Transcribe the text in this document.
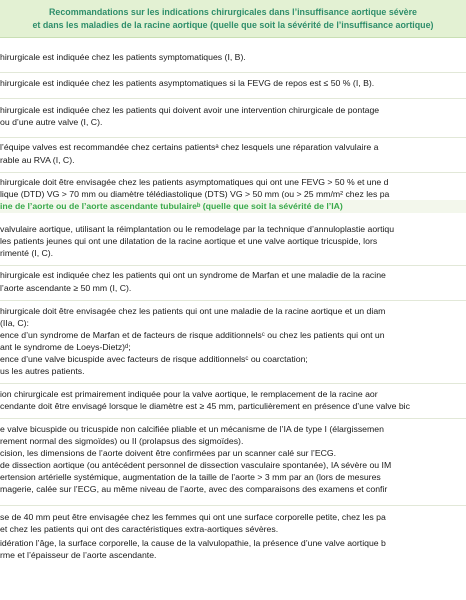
Recommandations sur les indications chirurgicales dans l’insuffisance aortique sévère
et dans les maladies de la racine aortique (quelle que soit la sévérité de l’insuffisance aortique)
hirurgicale est indiquée chez les patients symptomatiques (I, B).
hirurgicale est indiquée chez les patients asymptomatiques si la FEVG de repos est ≤ 50 % (I, B).
hirurgicale est indiquée chez les patients qui doivent avoir une intervention chirurgicale de pontage
ou d’une autre valve (I, C).
l’équipe valves est recommandée chez certains patientsᵃ chez lesquels une réparation valvulaire a
rable au RVA (I, C).
hirurgicale doit être envisagée chez les patients asymptomatiques qui ont une FEVG > 50 % et une d
lique (DTD) VG > 70 mm ou diamètre télédiastolique (DTS) VG > 50 mm (ou > 25 mm/m² chez les pa
ine de l’aorte ou de l’aorte ascendante tubulaireᵇ (quelle que soit la sévérité de l’IA)
valvulaire aortique, utilisant la réimplantation ou le remodelage par la technique d’annuloplastie aortiqu
les patients jeunes qui ont une dilatation de la racine aortique et une valve aortique tricuspide, lors
rimenté (I, C).
hirurgicale est indiquée chez les patients qui ont un syndrome de Marfan et une maladie de la racine
l’aorte ascendante ≥ 50 mm (I, C).
hirurgicale doit être envisagée chez les patients qui ont une maladie de la racine aortique et un diam
(IIa, C):
ence d’un syndrome de Marfan et de facteurs de risque additionnelsᶜ ou chez les patients qui ont un
ant le syndrome de Loeys-Dietz)ᵈ;
ence d’une valve bicuspide avec facteurs de risque additionnelsᶜ ou coarctation;
us les autres patients.
ion chirurgicale est primairement indiquée pour la valve aortique, le remplacement de la racine aor
cendante doit être envisagé lorsque le diamètre est ≥ 45 mm, particulièrement en présence d’une valve bic
e valve bicuspide ou tricuspide non calcifiée pliable et un mécanisme de l’IA de type I (élargissemen
rement normal des sigmoïdes) ou II (prolapsus des sigmoïdes).
cision, les dimensions de l’aorte doivent être confirmées par un scanner calé sur l’ECG.
de dissection aortique (ou antécédent personnel de dissection vasculaire spontanée), IA sévère ou IM
ertension artérielle systémique, augmentation de la taille de l’aorte > 3 mm par an (lors de mesures
magerie, calée sur l’ECG, au même niveau de l’aorte, avec des comparaisons des examens et confir
se de 40 mm peut être envisagée chez les femmes qui ont une surface corporelle petite, chez les pa
et chez les patients qui ont des caractéristiques extra-aortiques sévères.
idération l’âge, la surface corporelle, la cause de la valvulopathie, la présence d’une valve aortique b
rme et l’épaisseur de l’aorte ascendante.
